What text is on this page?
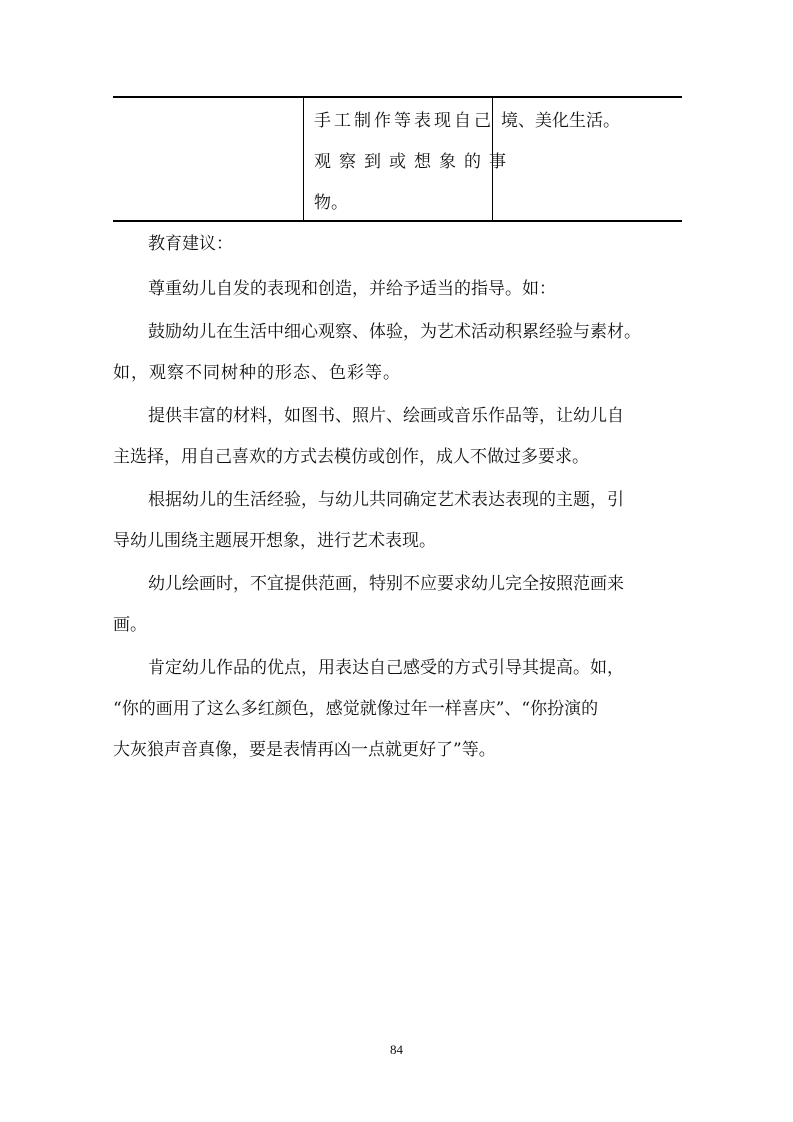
手工制作等表现自己
观察到或想象的事
物。
境、美化生活。
教育建议：
尊重幼儿自发的表现和创造，并给予适当的指导。如：
鼓励幼儿在生活中细心观察、体验，为艺术活动积累经验与素材。
如，观察不同树种的形态、色彩等。
提供丰富的材料，如图书、照片、绘画或音乐作品等，让幼儿自
主选择，用自己喜欢的方式去模仿或创作，成人不做过多要求。
根据幼儿的生活经验，与幼儿共同确定艺术表达表现的主题，引
导幼儿围绕主题展开想象，进行艺术表现。
幼儿绘画时，不宜提供范画，特别不应要求幼儿完全按照范画来
画。
肯定幼儿作品的优点，用表达自己感受的方式引导其提高。如，
“你的画用了这么多红颜色，感觉就像过年一样喜庆”、“你扮演的
大灰狼声音真像，要是表情再凶一点就更好了”等。
84
